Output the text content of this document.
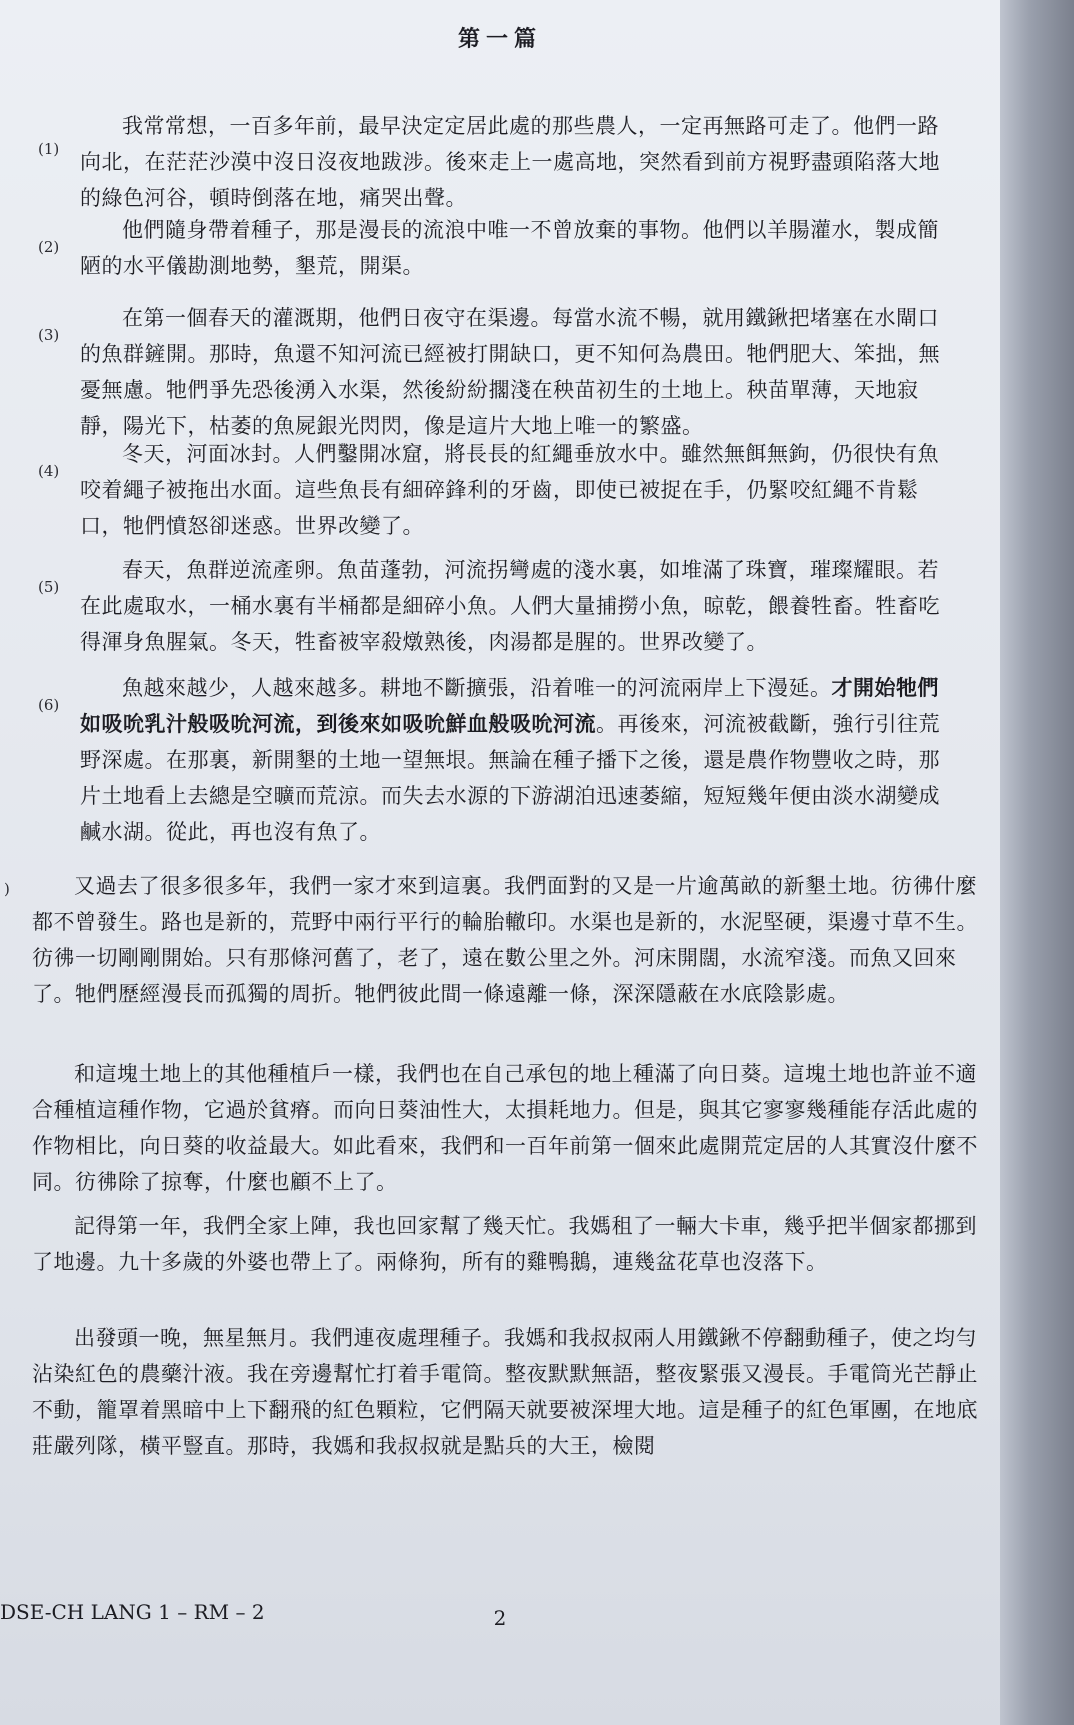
第一篇
(1)
我常常想，一百多年前，最早決定定居此處的那些農人，一定再無路可走了。他們一路向北，在茫茫沙漠中沒日沒夜地跋涉。後來走上一處高地，突然看到前方視野盡頭陷落大地的綠色河谷，頓時倒落在地，痛哭出聲。
(2)
他們隨身帶着種子，那是漫長的流浪中唯一不曾放棄的事物。他們以羊腸灌水，製成簡陋的水平儀勘測地勢，墾荒，開渠。
(3)
在第一個春天的灌溉期，他們日夜守在渠邊。每當水流不暢，就用鐵鍬把堵塞在水閘口的魚群鏟開。那時，魚還不知河流已經被打開缺口，更不知何為農田。牠們肥大、笨拙，無憂無慮。牠們爭先恐後湧入水渠，然後紛紛擱淺在秧苗初生的土地上。秧苗單薄，天地寂靜，陽光下，枯萎的魚屍銀光閃閃，像是這片大地上唯一的繁盛。
(4)
冬天，河面冰封。人們鑿開冰窟，將長長的紅繩垂放水中。雖然無餌無鉤，仍很快有魚咬着繩子被拖出水面。這些魚長有細碎鋒利的牙齒，即使已被捉在手，仍緊咬紅繩不肯鬆口，牠們憤怒卻迷惑。世界改變了。
(5)
春天，魚群逆流產卵。魚苗蓬勃，河流拐彎處的淺水裏，如堆滿了珠寶，璀璨耀眼。若在此處取水，一桶水裏有半桶都是細碎小魚。人們大量捕撈小魚，晾乾，餵養牲畜。牲畜吃得渾身魚腥氣。冬天，牲畜被宰殺燉熟後，肉湯都是腥的。世界改變了。
(6)
魚越來越少，人越來越多。耕地不斷擴張，沿着唯一的河流兩岸上下漫延。才開始牠們如吸吮乳汁般吸吮河流，到後來如吸吮鮮血般吸吮河流。再後來，河流被截斷，強行引往荒野深處。在那裏，新開墾的土地一望無垠。無論在種子播下之後，還是農作物豐收之時，那片土地看上去總是空曠而荒涼。而失去水源的下游湖泊迅速萎縮，短短幾年便由淡水湖變成鹹水湖。從此，再也沒有魚了。
)	又過去了很多很多年，我們一家才來到這裏。我們面對的又是一片逾萬畝的新墾土地。彷彿什麼都不曾發生。路也是新的，荒野中兩行平行的輪胎轍印。水渠也是新的，水泥堅硬，渠邊寸草不生。彷彿一切剛剛開始。只有那條河舊了，老了，遠在數公里之外。河床開闊，水流窄淺。而魚又回來了。牠們歷經漫長而孤獨的周折。牠們彼此間一條遠離一條，深深隱蔽在水底陰影處。
和這塊土地上的其他種植戶一樣，我們也在自己承包的地上種滿了向日葵。這塊土地也許並不適合種植這種作物，它過於貧瘠。而向日葵油性大，太損耗地力。但是，與其它寥寥幾種能存活此處的作物相比，向日葵的收益最大。如此看來，我們和一百年前第一個來此處開荒定居的人其實沒什麼不同。彷彿除了掠奪，什麼也顧不上了。
記得第一年，我們全家上陣，我也回家幫了幾天忙。我媽租了一輛大卡車，幾乎把半個家都挪到了地邊。九十多歲的外婆也帶上了。兩條狗，所有的雞鴨鵝，連幾盆花草也沒落下。
出發頭一晚，無星無月。我們連夜處理種子。我媽和我叔叔兩人用鐵鍬不停翻動種子，使之均勻沾染紅色的農藥汁液。我在旁邊幫忙打着手電筒。整夜默默無語，整夜緊張又漫長。手電筒光芒靜止不動，籠罩着黑暗中上下翻飛的紅色顆粒，它們隔天就要被深埋大地。這是種子的紅色軍團，在地底莊嚴列隊，橫平豎直。那時，我媽和我叔叔就是點兵的大王，檢閱
DSE-CH LANG 1 – RM – 2	2
